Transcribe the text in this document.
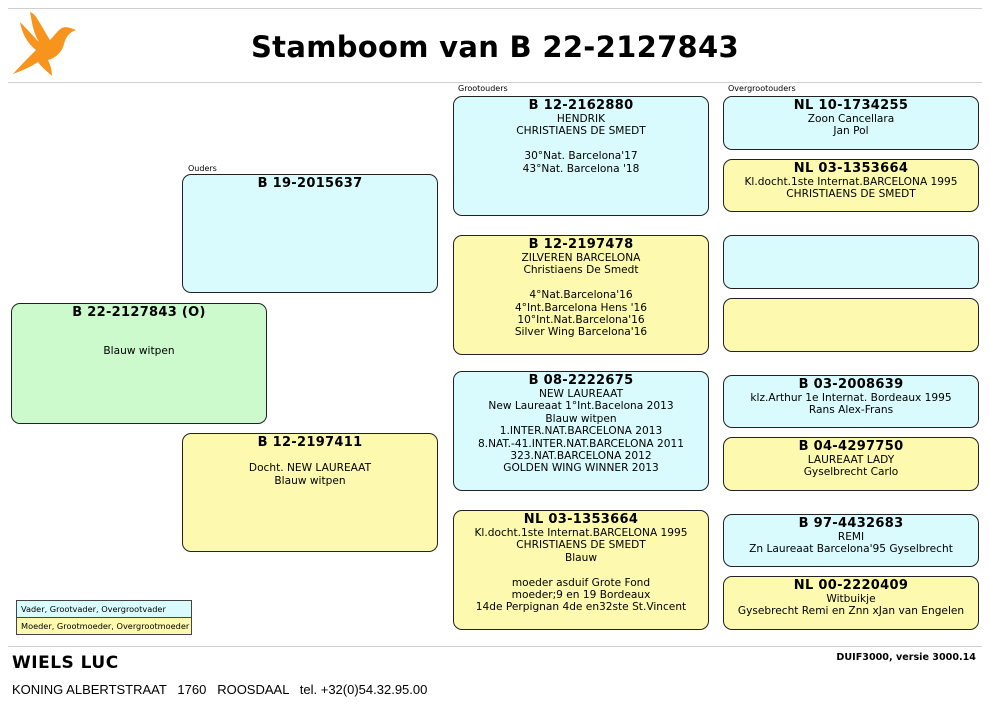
Stamboom van B 22-2127843
Ouders
Grootouders	Overgrootouders
B 22-2127843 (O)

Blauw witpen
B 19-2015637
B 12-2197411

Docht. NEW LAUREAAT
Blauw witpen
B 12-2162880
HENDRIK
CHRISTIAENS DE SMEDT

30°Nat. Barcelona'17
43°Nat. Barcelona '18
B 12-2197478
ZILVEREN BARCELONA
Christiaens De Smedt

4°Nat.Barcelona'16
4°Int.Barcelona Hens '16
10°Int.Nat.Barcelona'16
Silver Wing Barcelona'16
B 08-2222675
NEW LAUREAAT
New Laureaat 1°Int.Bacelona 2013
Blauw witpen
1.INTER.NAT.BARCELONA 2013
8.NAT.-41.INTER.NAT.BARCELONA 2011
323.NAT.BARCELONA 2012
GOLDEN WING WINNER 2013
NL 03-1353664
Kl.docht.1ste Internat.BARCELONA 1995
CHRISTIAENS DE SMEDT
Blauw

moeder asduif Grote Fond
moeder;9 en 19 Bordeaux
14de Perpignan 4de en32ste St.Vincent
NL 10-1734255
Zoon Cancellara
Jan Pol
NL 03-1353664
Kl.docht.1ste Internat.BARCELONA 1995
CHRISTIAENS DE SMEDT
B 03-2008639
klz.Arthur 1e Internat. Bordeaux 1995
Rans Alex-Frans
B 04-4297750
LAUREAAT LADY
Gyselbrecht Carlo
B 97-4432683
REMI
Zn Laureaat Barcelona'95 Gyselbrecht
NL 00-2220409
Witbuikje
Gysebrecht Remi en Znn xJan van Engelen
Vader, Grootvader, Overgrootvader
Moeder, Grootmoeder, Overgrootmoeder
WIELS LUC
KONING ALBERTSTRAAT   1760   ROOSDAAL   tel. +32(0)54.32.95.00
DUIF3000, versie 3000.14
